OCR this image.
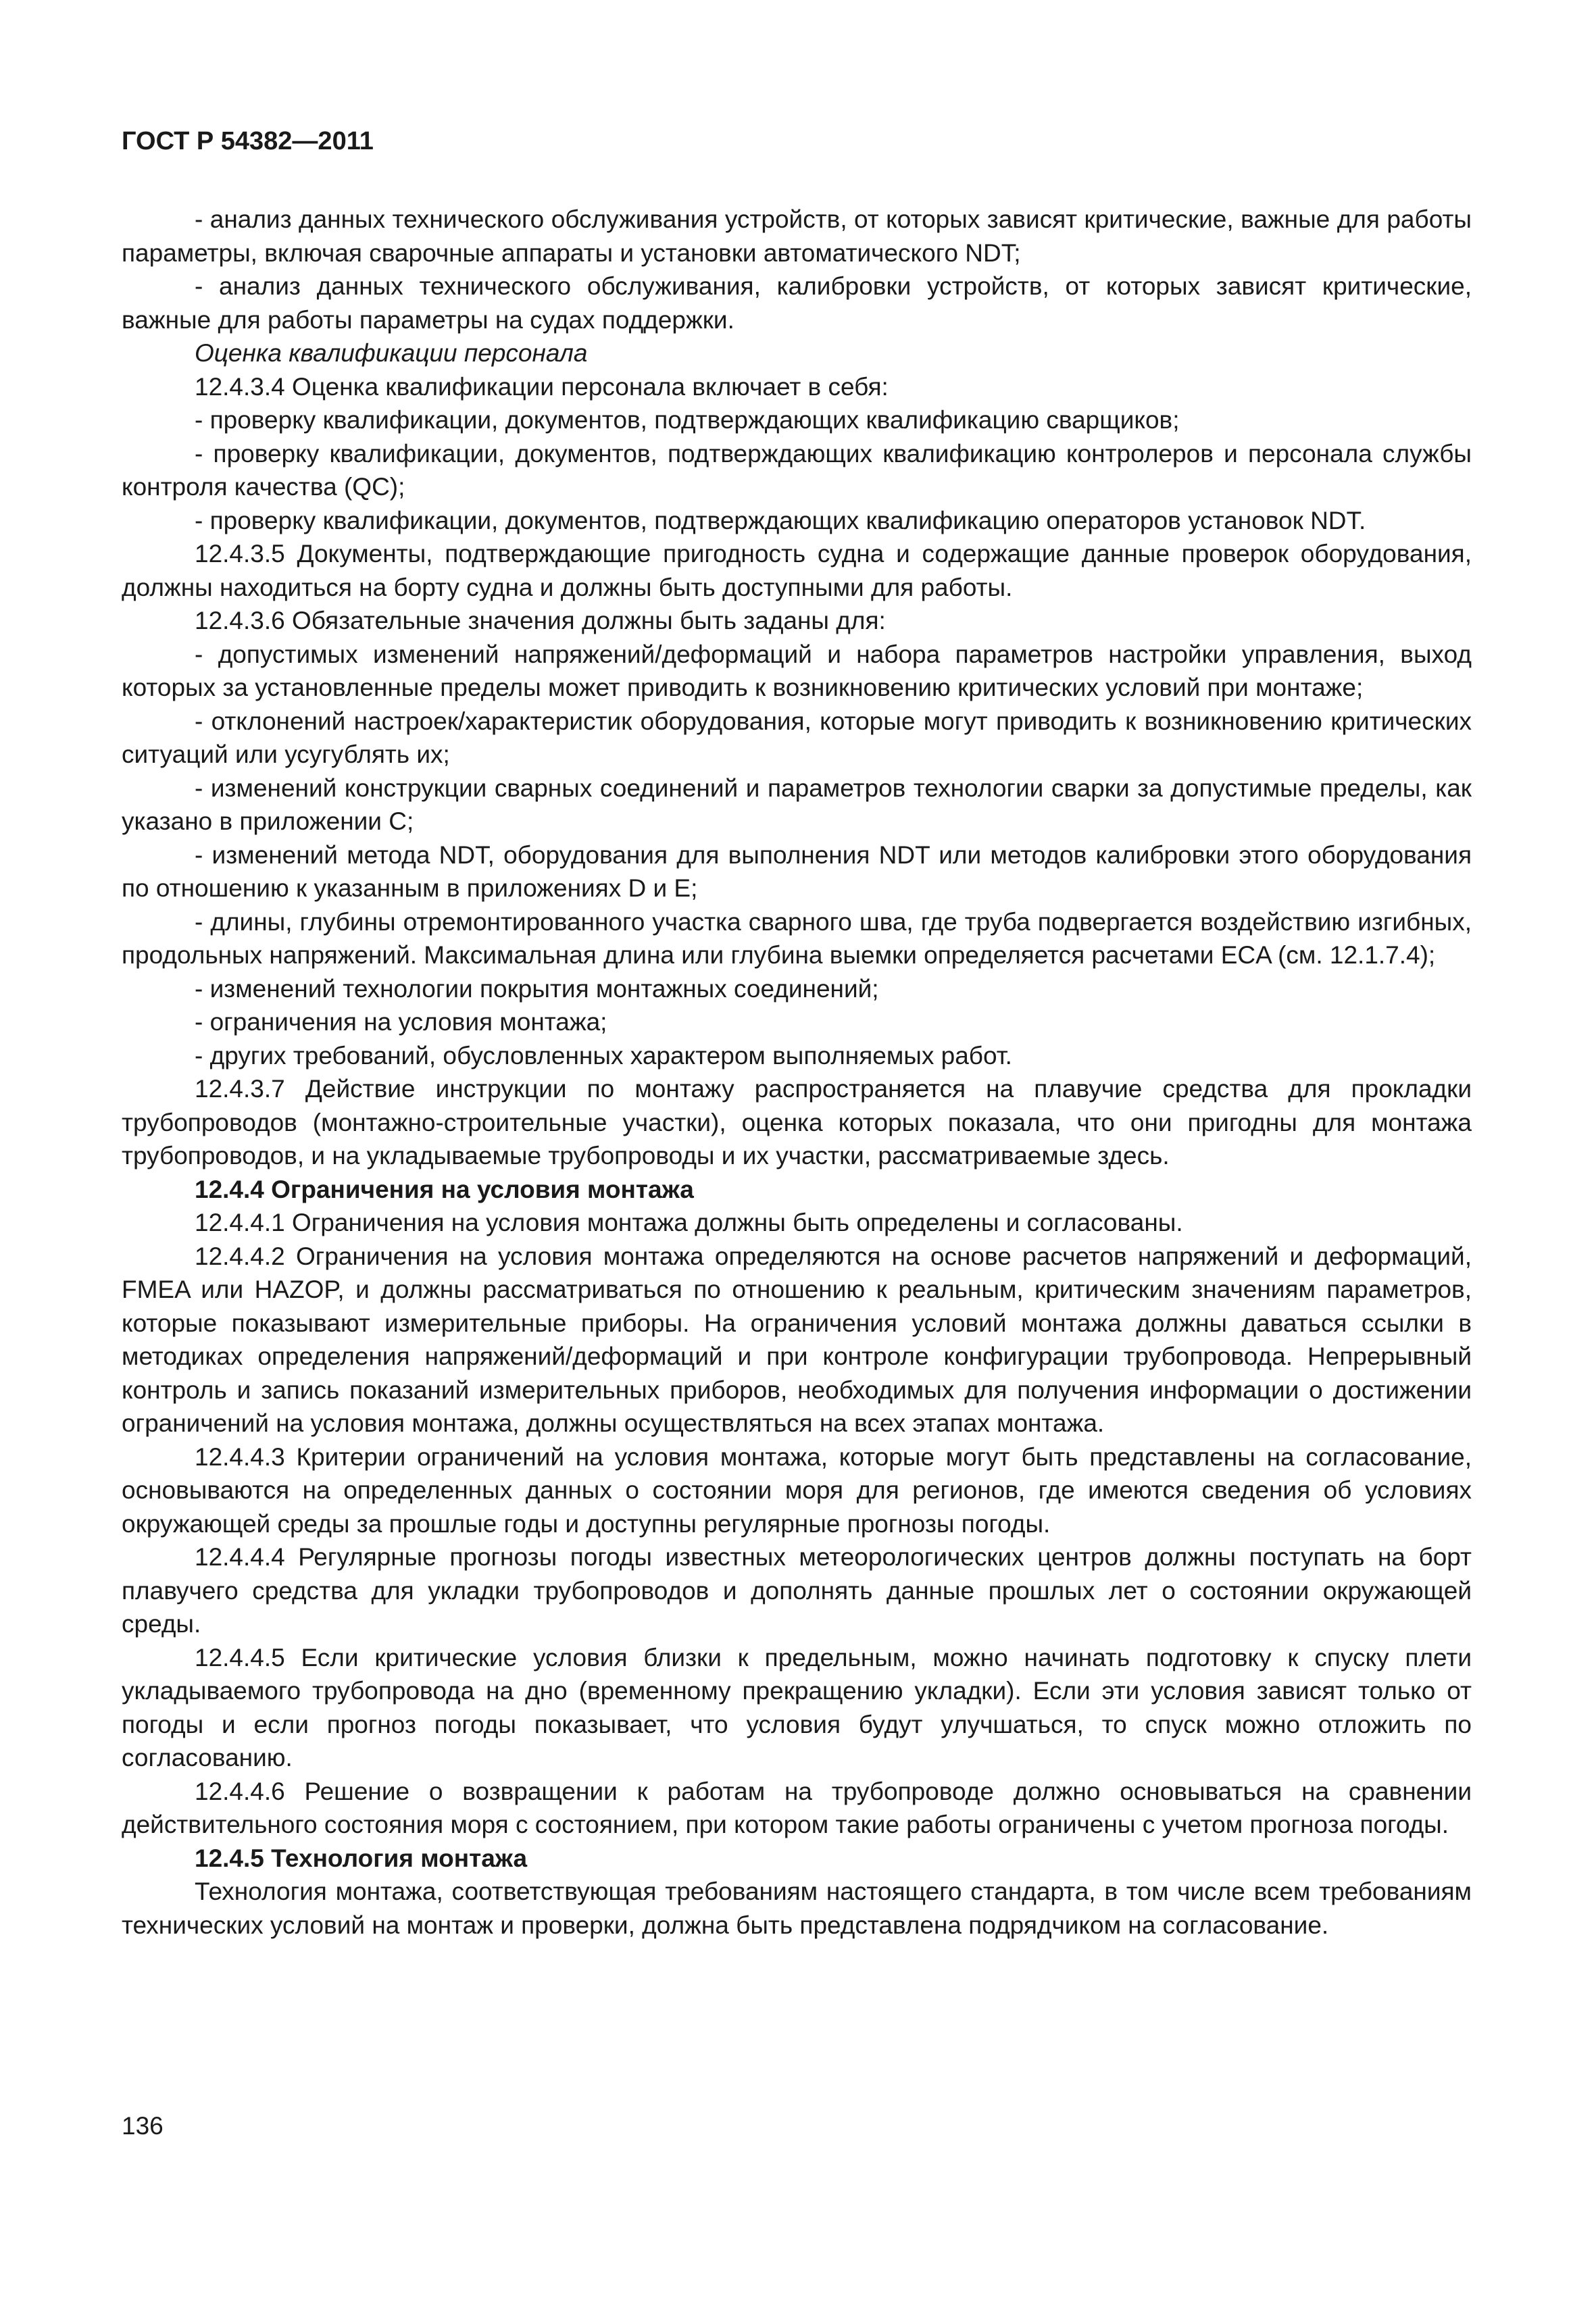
ГОСТ Р 54382—2011

- анализ данных технического обслуживания устройств, от которых зависят критические, важные для работы параметры, включая сварочные аппараты и установки автоматического NDT;

- анализ данных технического обслуживания, калибровки устройств, от которых зависят критические, важные для работы параметры на судах поддержки.

Оценка квалификации персонала

12.4.3.4 Оценка квалификации персонала включает в себя:

- проверку квалификации, документов, подтверждающих квалификацию сварщиков;

- проверку квалификации, документов, подтверждающих квалификацию контролеров и персонала службы контроля качества (QC);

- проверку квалификации, документов, подтверждающих квалификацию операторов установок NDT.

12.4.3.5 Документы, подтверждающие пригодность судна и содержащие данные проверок оборудования, должны находиться на борту судна и должны быть доступными для работы.

12.4.3.6 Обязательные значения должны быть заданы для:

- допустимых изменений напряжений/деформаций и набора параметров настройки управления, выход которых за установленные пределы может приводить к возникновению критических условий при монтаже;

- отклонений настроек/характеристик оборудования, которые могут приводить к возникновению критических ситуаций или усугублять их;

- изменений конструкции сварных соединений и параметров технологии сварки за допустимые пределы, как указано в приложении С;

- изменений метода NDT, оборудования для выполнения NDT или методов калибровки этого оборудования по отношению к указанным в приложениях D и E;

- длины, глубины отремонтированного участка сварного шва, где труба подвергается воздействию изгибных, продольных напряжений. Максимальная длина или глубина выемки определяется расчетами ECA (см. 12.1.7.4);

- изменений технологии покрытия монтажных соединений;

- ограничения на условия монтажа;

- других требований, обусловленных характером выполняемых работ.

12.4.3.7 Действие инструкции по монтажу распространяется на плавучие средства для прокладки трубопроводов (монтажно-строительные участки), оценка которых показала, что они пригодны для монтажа трубопроводов, и на укладываемые трубопроводы и их участки, рассматриваемые здесь.

12.4.4 Ограничения на условия монтажа

12.4.4.1 Ограничения на условия монтажа должны быть определены и согласованы.

12.4.4.2 Ограничения на условия монтажа определяются на основе расчетов напряжений и деформаций, FMEA или HAZOP, и должны рассматриваться по отношению к реальным, критическим значениям параметров, которые показывают измерительные приборы. На ограничения условий монтажа должны даваться ссылки в методиках определения напряжений/деформаций и при контроле конфигурации трубопровода. Непрерывный контроль и запись показаний измерительных приборов, необходимых для получения информации о достижении ограничений на условия монтажа, должны осуществляться на всех этапах монтажа.

12.4.4.3 Критерии ограничений на условия монтажа, которые могут быть представлены на согласование, основываются на определенных данных о состоянии моря для регионов, где имеются сведения об условиях окружающей среды за прошлые годы и доступны регулярные прогнозы погоды.

12.4.4.4 Регулярные прогнозы погоды известных метеорологических центров должны поступать на борт плавучего средства для укладки трубопроводов и дополнять данные прошлых лет о состоянии окружающей среды.

12.4.4.5 Если критические условия близки к предельным, можно начинать подготовку к спуску плети укладываемого трубопровода на дно (временному прекращению укладки). Если эти условия зависят только от погоды и если прогноз погоды показывает, что условия будут улучшаться, то спуск можно отложить по согласованию.

12.4.4.6 Решение о возвращении к работам на трубопроводе должно основываться на сравнении действительного состояния моря с состоянием, при котором такие работы ограничены с учетом прогноза погоды.

12.4.5 Технология монтажа

Технология монтажа, соответствующая требованиям настоящего стандарта, в том числе всем требованиям технических условий на монтаж и проверки, должна быть представлена подрядчиком на согласование.

136
